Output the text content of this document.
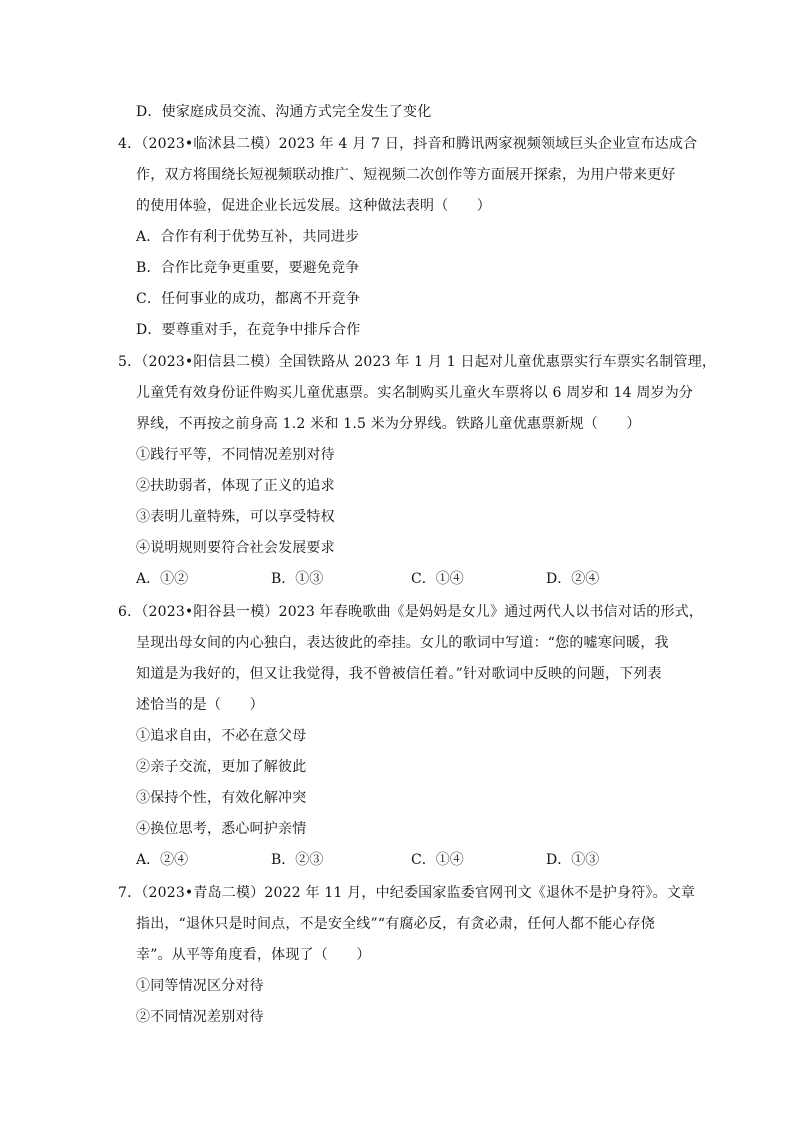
D．使家庭成员交流、沟通方式完全发生了变化
4．（2023•临沭县二模）2023 年 4 月 7 日，抖音和腾讯两家视频领域巨头企业宣布达成合
作，双方将围绕长短视频联动推广、短视频二次创作等方面展开探索，为用户带来更好
的使用体验，促进企业长远发展。这种做法表明（　　）
A．合作有利于优势互补，共同进步
B．合作比竞争更重要，要避免竞争
C．任何事业的成功，都离不开竞争
D．要尊重对手，在竞争中排斥合作
5．（2023•阳信县二模）全国铁路从 2023 年 1 月 1 日起对儿童优惠票实行车票实名制管理，
儿童凭有效身份证件购买儿童优惠票。实名制购买儿童火车票将以 6 周岁和 14 周岁为分
界线，不再按之前身高 1.2 米和 1.5 米为分界线。铁路儿童优惠票新规（　　）
①践行平等，不同情况差别对待
②扶助弱者，体现了正义的追求
③表明儿童特殊，可以享受特权
④说明规则要符合社会发展要求
A．①②	B．①③	C．①④	D．②④
6．（2023•阳谷县一模）2023 年春晚歌曲《是妈妈是女儿》通过两代人以书信对话的形式，
呈现出母女间的内心独白，表达彼此的牵挂。女儿的歌词中写道：“您的嘘寒问暖，我
知道是为我好的，但又让我觉得，我不曾被信任着。”针对歌词中反映的问题，下列表
述恰当的是（　　）
①追求自由，不必在意父母
②亲子交流，更加了解彼此
③保持个性，有效化解冲突
④换位思考，悉心呵护亲情
A．②④	B．②③	C．①④	D．①③
7．（2023•青岛二模）2022 年 11 月，中纪委国家监委官网刊文《退休不是护身符》。文章
指出，“退休只是时间点，不是安全线”“有腐必反，有贪必肃，任何人都不能心存侥
幸”。从平等角度看，体现了（　　）
①同等情况区分对待
②不同情况差别对待
